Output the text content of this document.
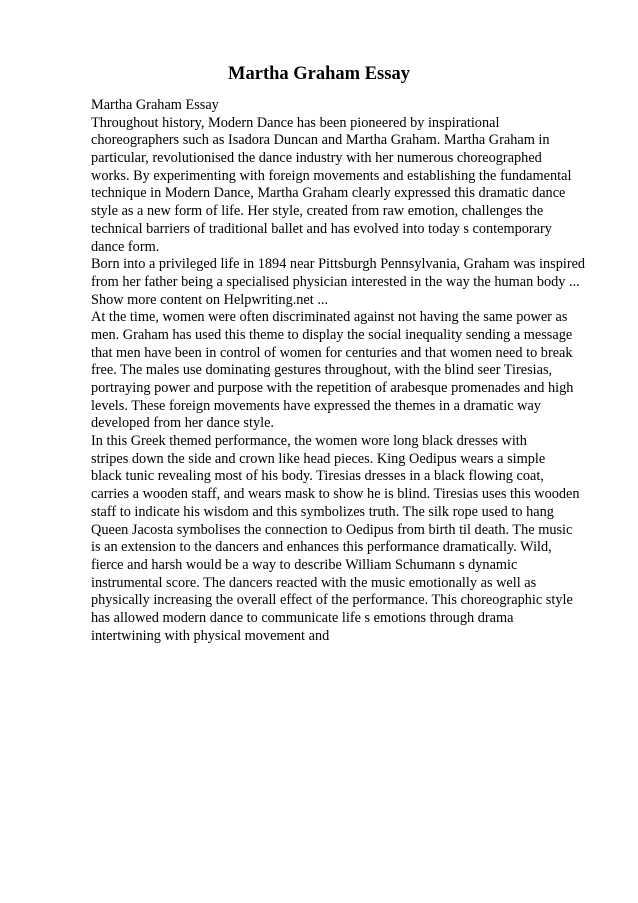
Martha Graham Essay
Martha Graham Essay
Throughout history, Modern Dance has been pioneered by inspirational
choreographers such as Isadora Duncan and Martha Graham. Martha Graham in
particular, revolutionised the dance industry with her numerous choreographed
works. By experimenting with foreign movements and establishing the fundamental
technique in Modern Dance, Martha Graham clearly expressed this dramatic dance
style as a new form of life. Her style, created from raw emotion, challenges the
technical barriers of traditional ballet and has evolved into today s contemporary
dance form.
Born into a privileged life in 1894 near Pittsburgh Pennsylvania, Graham was inspired
from her father being a specialised physician interested in the way the human body ...
Show more content on Helpwriting.net ...
At the time, women were often discriminated against not having the same power as
men. Graham has used this theme to display the social inequality sending a message
that men have been in control of women for centuries and that women need to break
free. The males use dominating gestures throughout, with the blind seer Tiresias,
portraying power and purpose with the repetition of arabesque promenades and high
levels. These foreign movements have expressed the themes in a dramatic way
developed from her dance style.
In this Greek themed performance, the women wore long black dresses with
stripes down the side and crown like head pieces. King Oedipus wears a simple
black tunic revealing most of his body. Tiresias dresses in a black flowing coat,
carries a wooden staff, and wears mask to show he is blind. Tiresias uses this wooden
staff to indicate his wisdom and this symbolizes truth. The silk rope used to hang
Queen Jacosta symbolises the connection to Oedipus from birth til death. The music
is an extension to the dancers and enhances this performance dramatically. Wild,
fierce and harsh would be a way to describe William Schumann s dynamic
instrumental score. The dancers reacted with the music emotionally as well as
physically increasing the overall effect of the performance. This choreographic style
has allowed modern dance to communicate life s emotions through drama
intertwining with physical movement and
